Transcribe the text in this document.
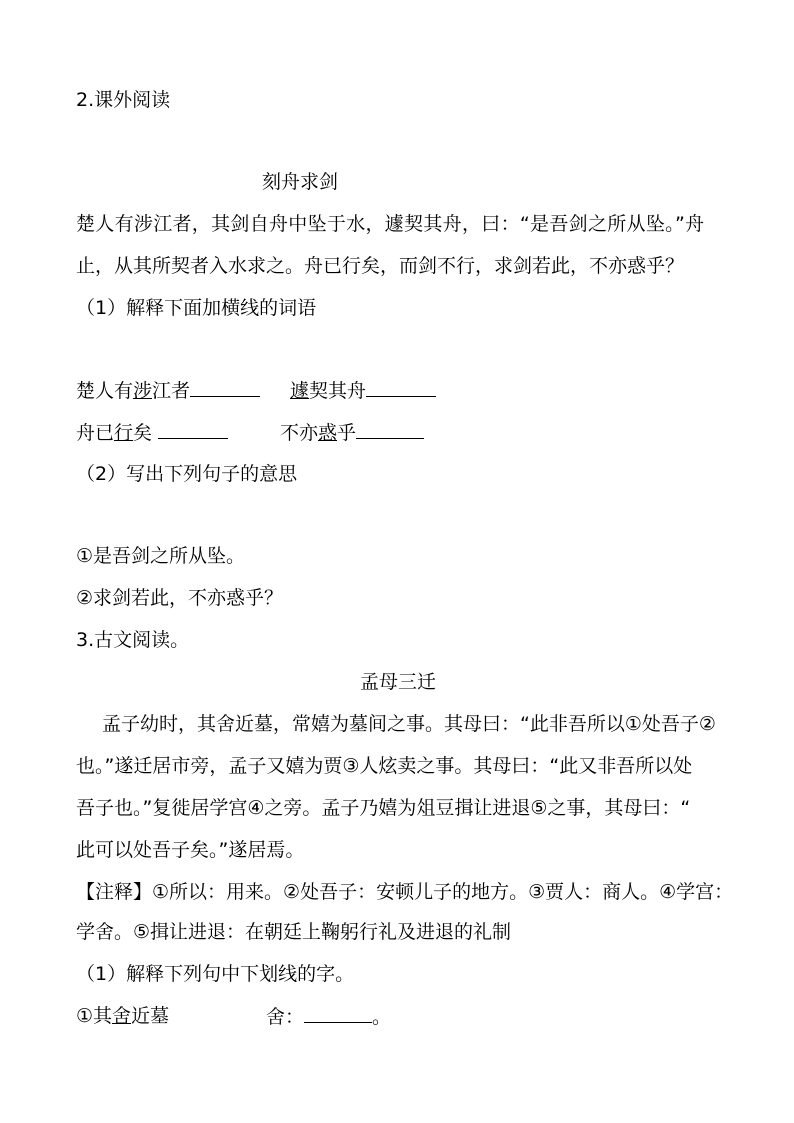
2.课外阅读
刻舟求剑
楚人有涉江者，其剑自舟中坠于水，遽契其舟，曰：“是吾剑之所从坠。”舟
止，从其所契者入水求之。舟已行矣，而剑不行，求剑若此，不亦惑乎？
（1）解释下面加横线的词语
楚人有涉江者	遽契其舟
舟已行矣	不亦惑乎
（2）写出下列句子的意思
①是吾剑之所从坠。
②求剑若此，不亦惑乎？
3.古文阅读。
孟母三迁
孟子幼时，其舍近墓，常嬉为墓间之事。其母曰：“此非吾所以①处吾子②
也。”遂迁居市旁，孟子又嬉为贾③人炫卖之事。其母曰：“此又非吾所以处
吾子也。”复徙居学宫④之旁。孟子乃嬉为俎豆揖让进退⑤之事，其母曰：“
此可以处吾子矣。”遂居焉。
【注释】①所以：用来。②处吾子：安顿儿子的地方。③贾人：商人。④学宫：
学舍。⑤揖让进退：在朝廷上鞠躬行礼及进退的礼制
（1）解释下列句中下划线的字。
①其舍近墓	舍：	。
